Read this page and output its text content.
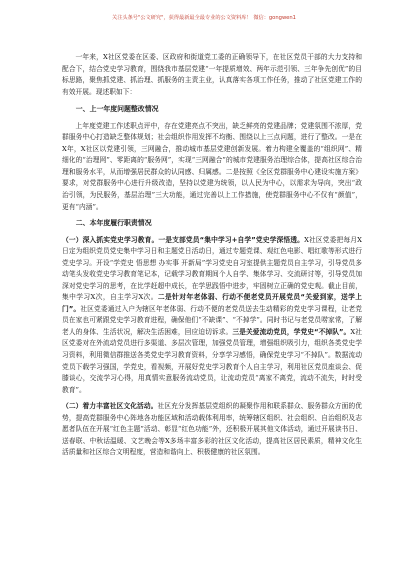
关注头条号"公文研究"，获得最新最全最专业的公文资料库！ 微信：gongwen1

一年来，X社区党委在区委、区政府和街道党工委的正确领导下，在社区党员干部的大力支持和配合下，结合党史学习教育，围绕我市基层党建“一年提质增效、两年示范引领、三年争先创优”的目标思路，聚焦抓党建、抓治理、抓服务的主责主业，认真落实各项工作任务，推动了社区党建工作的有效开展。现述职如下：

一、上一年度问题整改情况

上年度党建工作述职点评中，存在党建亮点不突出，缺乏鲜亮的党建品牌；党建氛围不浓厚，党群服务中心打造缺乏整体规划；社会组织作用发挥不均衡、围绕以上三点问题，进行了整改。一是在X年，X社区以党建引领，三网融合，推动城市基层党建创新发展。着力构建全覆盖的“组织网”、精细化的“治理网”、零距离的“服务网”，实现“三网融合”的城市党建服务治理综合体，提高社区综合治理和服务水平，从而增强居民群众的认同感、归属感。二是按照《全区党群服务中心建设实施方案》要求，对党群服务中心进行升级改造，坚持以党建为统领，以人民为中心，以需求为导向，突出“政治引领，为民服务，基层治理”三大功能，通过完善以上工作措施，使党群服务中心不仅有“颜值”，更有“内涵”。

二、本年度履行职责情况

（一）深入抓实党史学习教育。一是支部党员“集中学习+自学”党史学深悟透。X社区党委把每月X日定为组织党员党史集中学习日和主题党日活动日，通过专题党课、观红色电影、唱红歌等形式进行党史学习。开设“学党史 悟思想 办实事 开新局”学习党史自习室提供主题党员自主学习，引导党员多动笔头发收党史学习教育笔记本，记载学习教育期间个人自学、集体学习、交流研讨等，引导党员加深对党史学习的思考，在比学赶超中成长，在学思践悟中进步，牢固树立正确的党史观。截止目前，集中学习X次，自主学习X次。二是针对年老体弱、行动不便老党员开展党员“关爱到家，送学上门”。社区党委通过入户为辖区年老体弱、行动不便的老党员送去生动精彩的党史学习课程，让老党员在家也可紧跟党史学习教育进程，确保他们“不缺课”、“不掉学”。同时书记与老党员唠家常，了解老人的身体、生活状况，解决生活困难，回应迫切诉求。三是关爱流动党员，学党史“不掉队”。X社区党委对在外流动党员进行多渠道、多层次管理，加强党员管理，增强组织吸引力，组织各类党史学习资料，利用微信群推送各类党史学习教育资料，分享学习感悟，确保党史学习“不掉队”。数据流动党员下载学习强国，学党史，看视频，开展好党史学习教育个人自主学习，利用社区党员座谈会、促膝谈心，交流学习心得，用真情实意服务流动党员，让流动党员“离家不离党，流动不流失，时时受教育”。

（二）着力丰富社区文化活动。社区充分发挥基层党组织的凝聚作用和联系群众、服务群众方面的优势，提高党群服务中心阵地各功能区域和活动载体利用率，统筹辖区组织、社会组织、自治组织及志愿者队伍在开展“红色主题”活动、彰显“红色功能”外，还积极开展其他文体活动，通过开展读书日、送春联、中秋话温暖、文艺晚会等X多场丰富多彩的社区文化活动，提高社区居民素质，精神文化生活质量和社区综合文明程度，营造和谐向上、积极健康的社区氛围。
